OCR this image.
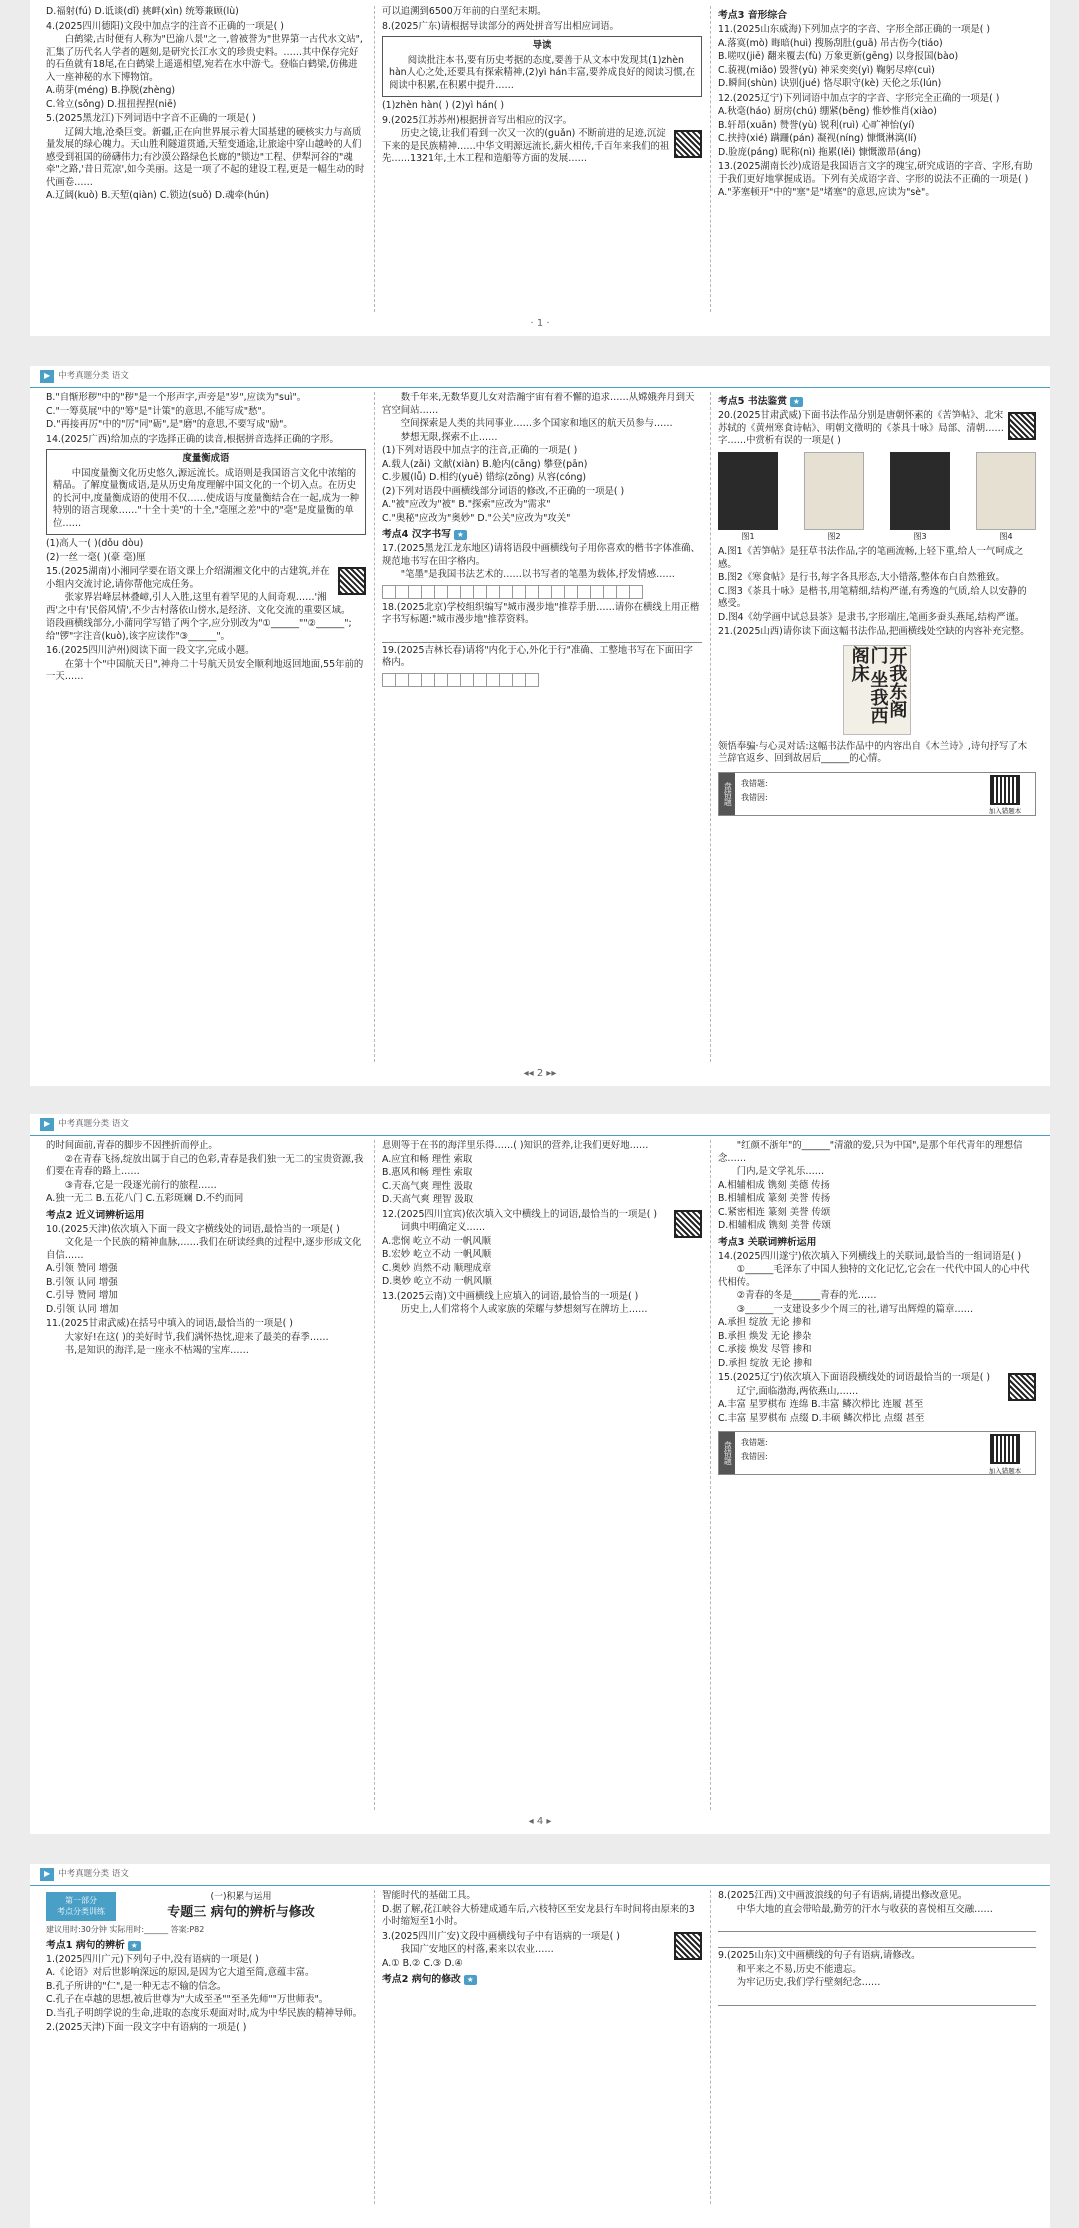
D.福射(fú) D.诋谈(dǐ) 挑衅(xìn) 统筹兼顾(lù)

4.(2025四川德阳)文段中加点字的注音不正确的一项是( )

白鹤梁,古时便有人称为"巴渝八景"之一,曾被誉为"世界第一古代水文站",汇集了历代名人学者的题刻,是研究长江水文的珍贵史料。……其中保存完好的石鱼就有18尾,在白鹤梁上遥遥相望,宛若在水中游弋。登临白鹤梁,仿佛进入一座神秘的水下博物馆。

A.萌芽(méng) B.挣脱(zhèng)

C.耸立(sǒng) D.扭扭捏捏(niē)

5.(2025黑龙江)下列词语中字音不正确的一项是( )

辽阔大地,沧桑巨变。新疆,正在向世界展示着大国基建的硬核实力与高质量发展的绿心魄力。天山胜利隧道贯通,天堑变通途,让旅途中穿山越岭的人们感受到祖国的磅礴伟力;有沙漠公路绿色长廊的"锁边"工程、伊犁河谷的"魂牵"之路,'昔日荒凉',如今美丽。这是一项了不起的建设工程,更是一幅生动的时代画卷……

A.辽阔(kuò) B.天堑(qiàn) C.锁边(suǒ) D.魂牵(hún)

可以追溯到6500万年前的白垩纪末期。

8.(2025广东)请根据导读部分的两处拼音写出相应词语。

导读

阅读批注本书,要有历史考据的态度,要善于从文本中发现其(1)zhèn hàn人心之处,还要具有探索精神,(2)yì hán丰富,要养成良好的阅读习惯,在阅读中积累,在积累中提升……

(1)zhèn hàn( ) (2)yì hán( )

9.(2025江苏苏州)根据拼音写出相应的汉字。

历史之镜,让我们看到一次又一次的(guǎn) 不断前进的足迹,沉淀下来的是民族精神……中华文明源远流长,薪火相传,千百年来我们的祖先……1321年,土木工程和造船等方面的发展……

考点3 音形综合

11.(2025山东威海)下列加点字的字音、字形全部正确的一项是( )

A.落寞(mò) 晦暗(huì) 搜肠刮肚(guā) 吊古伤今(tiáo)

B.嗟叹(jiē) 翻来覆去(fù) 万象更新(gēng) 以身报国(bào)

C.藐视(miǎo) 毁誉(yù) 神采奕奕(yì) 鞠躬尽瘁(cuì)

D.瞬间(shùn) 诀别(jué) 恪尽职守(kè) 天伦之乐(lún)

12.(2025辽宁)下列词语中加点字的字音、字形完全正确的一项是( )

A.秋毫(háo) 厨房(chú) 绷紧(bēng) 惟妙惟肖(xiào)

B.轩昂(xuān) 赞誉(yù) 锐利(ruì) 心旷神怡(yí)

C.挟持(xié) 蹒跚(pán) 凝视(níng) 慷慨淋漓(lí)

D.脸庞(páng) 昵称(nì) 拖累(lěi) 慷慨激昂(áng)

13.(2025湖南长沙)成语是我国语言文字的瑰宝,研究成语的字音、字形,有助于我们更好地掌握成语。下列有关成语字音、字形的说法不正确的一项是( )

A."茅塞顿开"中的"塞"是"堵塞"的意思,应读为"sè"。

· 1 ·
▶ 中考真题分类 语文

B."自惭形秽"中的"秽"是一个形声字,声旁是"岁",应读为"suì"。

C."一筹莫展"中的"筹"是"计策"的意思,不能写成"愁"。

D."再接再厉"中的"厉"同"砺",是"磨"的意思,不要写成"励"。

14.(2025广西)给加点的字选择正确的读音,根据拼音选择正确的字形。

度量衡成语

中国度量衡文化历史悠久,源远流长。成语则是我国语言文化中浓缩的精品。了解度量衡成语,是从历史角度理解中国文化的一个切入点。在历史的长河中,度量衡成语的使用不仅……使成语与度量衡结合在一起,成为一种特别的语言现象……"十全十美"的十全,"毫厘之差"中的"毫"是度量衡的单位……

(1)高人一( )(dǒu dòu)

(2)一丝一毫( )(豪 毫)厘

15.(2025湖南)小湘同学要在语文课上介绍湖湘文化中的古建筑,并在小组内交流讨论,请你帮他完成任务。

张家界岩峰层林叠嶂,引人入胜,这里有着罕见的人间奇观……'湘西'之中有'民俗风情',不少古村落依山傍水,是经济、文化交流的重要区域。

语段画横线部分,小蒲同学写错了两个字,应分别改为"①______""②______";给"锣"字注音(kuò),该字应读作"③______"。

16.(2025四川泸州)阅读下面一段文字,完成小题。

在第十个"中国航天日",神舟二十号航天员安全顺利地返回地面,55年前的一天……

数千年来,无数华夏儿女对浩瀚宇宙有着不懈的追求……从嫦娥奔月到天宫空间站……

空间探索是人类的共同事业……多个国家和地区的航天员参与……

梦想无限,探索不止……

(1)下列对语段中加点字的注音,正确的一项是( )

A.载人(zǎi) 文献(xiàn) B.舱内(cāng) 攀登(pān)

C.步履(lǚ) D.相约(yuē) 错综(zōng) 从容(cóng)

(2)下列对语段中画横线部分词语的修改,不正确的一项是( )

A."被"应改为"被" B."探索"应改为"需求"

C."奥秘"应改为"奥妙" D."公关"应改为"攻关"

考点4 汉字书写 ★

17.(2025黑龙江龙东地区)请将语段中画横线句子用你喜欢的楷书字体准确、规范地书写在田字格内。

"笔墨"是我国书法艺术的……以书写者的笔墨为载体,抒发情感……

18.(2025北京)学校组织编写"城市漫步地"推荐手册……请你在横线上用正楷字书写标题:"城市漫步地"推荐资料。

19.(2025吉林长春)请将"内化于心,外化于行"准确、工整地书写在下面田字格内。

考点5 书法鉴赏 ★

20.(2025甘肃武威)下面书法作品分别是唐朝怀素的《苦笋帖》、北宋苏轼的《黄州寒食诗帖》、明朝文徵明的《茶具十咏》局部、清朝……字……中赏析有误的一项是( )

图1	图2	图3	图4

A.图1《苦笋帖》是狂草书法作品,字的笔画流畅,上轻下重,给人一气呵成之感。

B.图2《寒食帖》是行书,每字各具形态,大小错落,整体布白自然雅致。

C.图3《茶具十咏》是楷书,用笔精细,结构严谨,有秀逸的气质,给人以安静的感受。

D.图4《幼学画中试总县茶》是隶书,字形端庄,笔画多蚕头燕尾,结构严谨。

21.(2025山西)请你读下面这幅书法作品,把画横线处空缺的内容补充完整。

开我东阁门 坐我西阁床

领悟奉骗·与心灵对话:这幅书法作品中的内容出自《木兰诗》,诗句抒写了木兰辞官返乡、回到故居后______的心情。

盘错题	我错题:
我错因:
加入错题本
◂◂ 2 ▸▸
▶ 中考真题分类 语文

的时间面前,青春的脚步不因挫折而停止。

②在青春飞扬,绽放出属于自己的色彩,青春是我们独一无二的宝贵资源,我们要在青春的路上……

③青春,它是一段逐光前行的旅程……

A.独一无二 B.五花八门 C.五彩斑斓 D.不约而同

考点2 近义词辨析运用

10.(2025天津)依次填入下面一段文字横线处的词语,最恰当的一项是( )

文化是一个民族的精神血脉,……我们在研读经典的过程中,逐步形成文化自信……

A.引领 赞同 增强

B.引领 认同 增强

C.引导 赞同 增加

D.引领 认同 增加

11.(2025甘肃武威)在括号中填入的词语,最恰当的一项是( )

大家好!在这( )的美好时节,我们满怀热忱,迎来了最美的春季……

书,是知识的海洋,是一座永不枯竭的宝库……

息则等于在书的海洋里乐得……( )知识的营养,让我们更好地……

A.应宜和畅 理性 索取

B.惠风和畅 理性 索取

C.天高气爽 理性 汲取

D.天高气爽 理智 汲取

12.(2025四川宜宾)依次填入文中横线上的词语,最恰当的一项是( )

词典中明确定义……

A.悲悯 屹立不动 一帆风顺

B.宏妙 屹立不动 一帆风顺

C.奥妙 岿然不动 顺理成章

D.奥妙 屹立不动 一帆风顺

13.(2025云南)文中画横线上应填入的词语,最恰当的一项是( )

历史上,人们常将个人或家族的荣耀与梦想刻写在牌坊上……

"红颜不浙年"的______"清澈的爱,只为中国",是那个年代青年的理想信念……

门内,是文学礼乐……

A.相辅相成 镌刻 美德 传扬

B.相辅相成 篆刻 美誉 传扬

C.紧密相连 篆刻 美誉 传颂

D.相辅相成 镌刻 美誉 传颂

考点3 关联词辨析运用

14.(2025四川遂宁)依次填入下列横线上的关联词,最恰当的一组词语是( )

①______毛泽东了中国人独特的文化记忆,它会在一代代中国人的心中代代相传。

②青春的冬是______青春的光……

③______一支建设多少个周三的社,谱写出辉煌的篇章……

A.承担 绽放 无论 掺和

B.承担 焕发 无论 掺杂

C.承接 焕发 尽管 掺和

D.承担 绽放 无论 掺和

15.(2025辽宁)依次填入下面语段横线处的词语最恰当的一项是( )

辽宁,面临渤海,两依燕山,……

A.丰富 星罗棋布 连绵 B.丰富 鳞次栉比 连履 甚至

C.丰富 星罗棋布 点缀 D.丰硕 鳞次栉比 点缀 甚至

盘错题	我错题:
我错因:
加入错题本
◂ 4 ▸
▶ 中考真题分类 语文
第一部分
考点分类训练
(一)积累与运用
专题三 病句的辨析与修改

建议用时:30分钟 实际用时:______ 答案:P82

考点1 病句的辨析 ★

1.(2025四川广元)下列句子中,没有语病的一项是( )

A.《论语》对后世影响深远的原因,是因为它大道至简,意蕴丰富。

B.孔子所讲的"仁",是一种无志不输的信念。

C.孔子在卓越的思想,被后世尊为"大成至圣""至圣先师""万世师表"。

D.当孔子明朗学说的生命,进取的态度乐观面对时,成为中华民族的精神导师。

2.(2025天津)下面一段文字中有语病的一项是( )

智能时代的基础工具。

D.据了解,花江峡谷大桥建成通车后,六枝特区至安龙县行车时间将由原来的3小时缩短至1小时。

3.(2025四川广安)文段中画横线句子中有语病的一项是( )

我国广安地区的村落,素来以农业……

A.① B.② C.③ D.④

考点2 病句的修改 ★

8.(2025江西)文中画波浪线的句子有语病,请提出修改意见。

中华大地的直会带哈最,勤劳的汗水与收获的喜悦相互交融……

9.(2025山东)文中画横线的句子有语病,请修改。

和平来之不易,历史不能遗忘。

为牢记历史,我们学行壁刻纪念……
